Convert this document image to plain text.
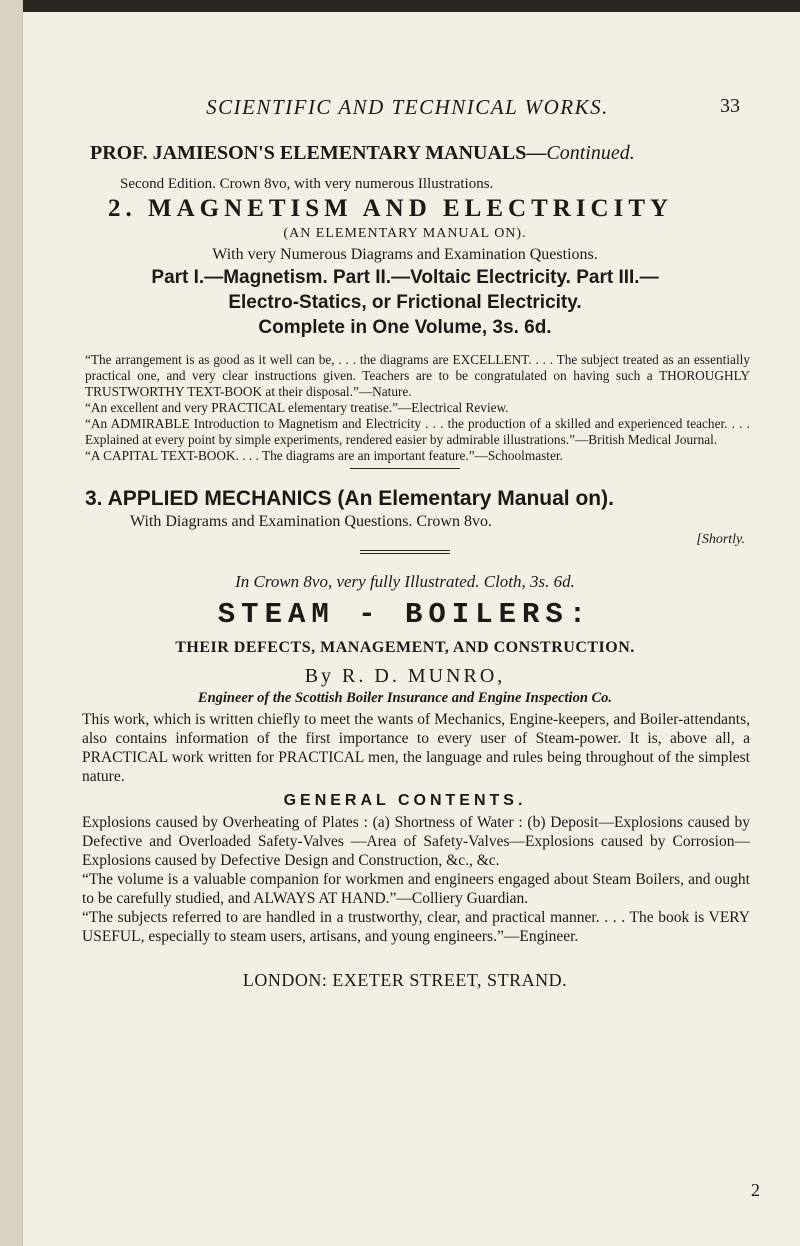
SCIENTIFIC AND TECHNICAL WORKS.	33

PROF. JAMIESON'S ELEMENTARY MANUALS—Continued.

Second Edition. Crown 8vo, with very numerous Illustrations.

2. MAGNETISM AND ELECTRICITY

(AN ELEMENTARY MANUAL ON).

With very Numerous Diagrams and Examination Questions.

Part I.—Magnetism. Part II.—Voltaic Electricity. Part III.—
Electro-Statics, or Frictional Electricity.
Complete in One Volume, 3s. 6d.

“The arrangement is as good as it well can be, . . . the diagrams are EXCELLENT. . . . The subject treated as an essentially practical one, and very clear instructions given. Teachers are to be congratulated on having such a THOROUGHLY TRUSTWORTHY TEXT-BOOK at their disposal.”—Nature.

“An excellent and very PRACTICAL elementary treatise.”—Electrical Review.

“An ADMIRABLE Introduction to Magnetism and Electricity . . . the production of a skilled and experienced teacher. . . . Explained at every point by simple experiments, rendered easier by admirable illustrations.”—British Medical Journal.

“A CAPITAL TEXT-BOOK. . . . The diagrams are an important feature.”—Schoolmaster.

3. APPLIED MECHANICS (An Elementary Manual on).

With Diagrams and Examination Questions. Crown 8vo.

[Shortly.

In Crown 8vo, very fully Illustrated. Cloth, 3s. 6d.

STEAM - BOILERS:

THEIR DEFECTS, MANAGEMENT, AND CONSTRUCTION.

By R. D. MUNRO,

Engineer of the Scottish Boiler Insurance and Engine Inspection Co.

This work, which is written chiefly to meet the wants of Mechanics, Engine-keepers, and Boiler-attendants, also contains information of the first importance to every user of Steam-power. It is, above all, a PRACTICAL work written for PRACTICAL men, the language and rules being throughout of the simplest nature.

GENERAL CONTENTS.

Explosions caused by Overheating of Plates : (a) Shortness of Water : (b) Deposit—Explosions caused by Defective and Overloaded Safety-Valves —Area of Safety-Valves—Explosions caused by Corrosion—Explosions caused by Defective Design and Construction, &c., &c.

“The volume is a valuable companion for workmen and engineers engaged about Steam Boilers, and ought to be carefully studied, and ALWAYS AT HAND.”—Colliery Guardian.

“The subjects referred to are handled in a trustworthy, clear, and practical manner. . . . The book is VERY USEFUL, especially to steam users, artisans, and young engineers.”—Engineer.

LONDON: EXETER STREET, STRAND.

2
